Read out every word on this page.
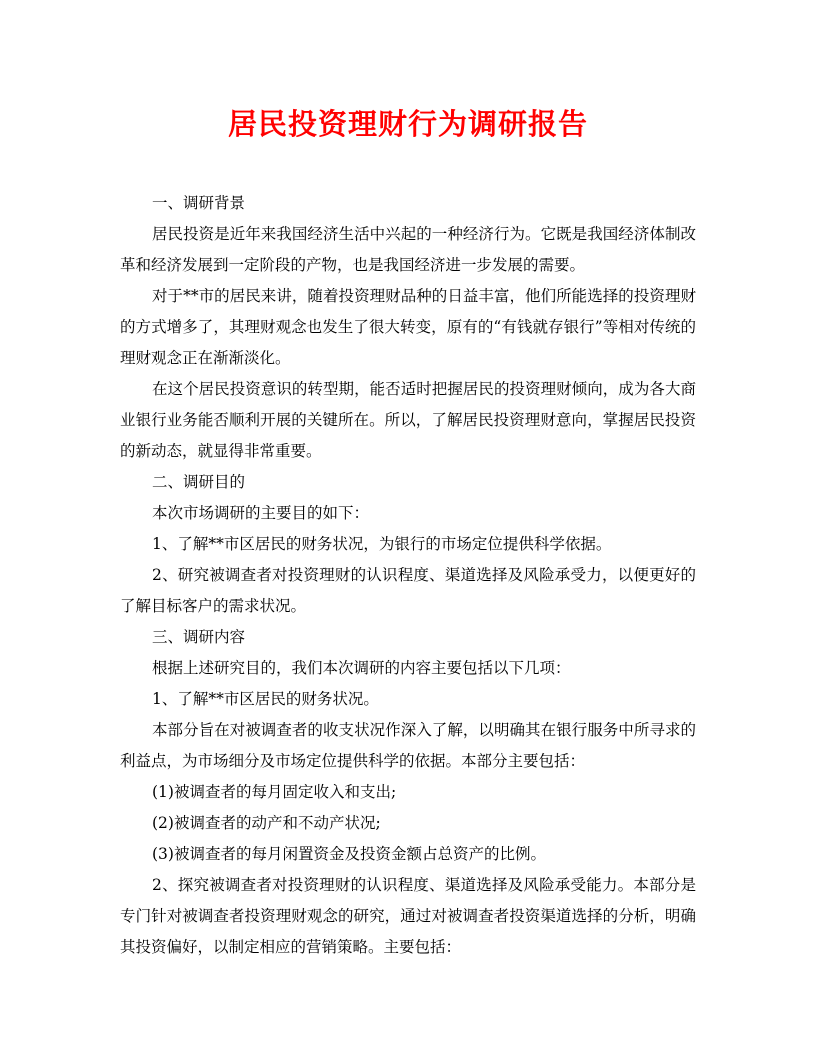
居民投资理财行为调研报告

一、调研背景

居民投资是近年来我国经济生活中兴起的一种经济行为。它既是我国经济体制改革和经济发展到一定阶段的产物，也是我国经济进一步发展的需要。

对于**市的居民来讲，随着投资理财品种的日益丰富，他们所能选择的投资理财的方式增多了，其理财观念也发生了很大转变，原有的“有钱就存银行”等相对传统的理财观念正在渐渐淡化。

在这个居民投资意识的转型期，能否适时把握居民的投资理财倾向，成为各大商业银行业务能否顺利开展的关键所在。所以，了解居民投资理财意向，掌握居民投资的新动态，就显得非常重要。

二、调研目的

本次市场调研的主要目的如下：

1、了解**市区居民的财务状况，为银行的市场定位提供科学依据。

2、研究被调查者对投资理财的认识程度、渠道选择及风险承受力，以便更好的了解目标客户的需求状况。

三、调研内容

根据上述研究目的，我们本次调研的内容主要包括以下几项：

1、了解**市区居民的财务状况。

本部分旨在对被调查者的收支状况作深入了解，以明确其在银行服务中所寻求的利益点，为市场细分及市场定位提供科学的依据。本部分主要包括：

(1)被调查者的每月固定收入和支出;

(2)被调查者的动产和不动产状况;

(3)被调查者的每月闲置资金及投资金额占总资产的比例。

2、探究被调查者对投资理财的认识程度、渠道选择及风险承受能力。本部分是专门针对被调查者投资理财观念的研究，通过对被调查者投资渠道选择的分析，明确其投资偏好，以制定相应的营销策略。主要包括：
